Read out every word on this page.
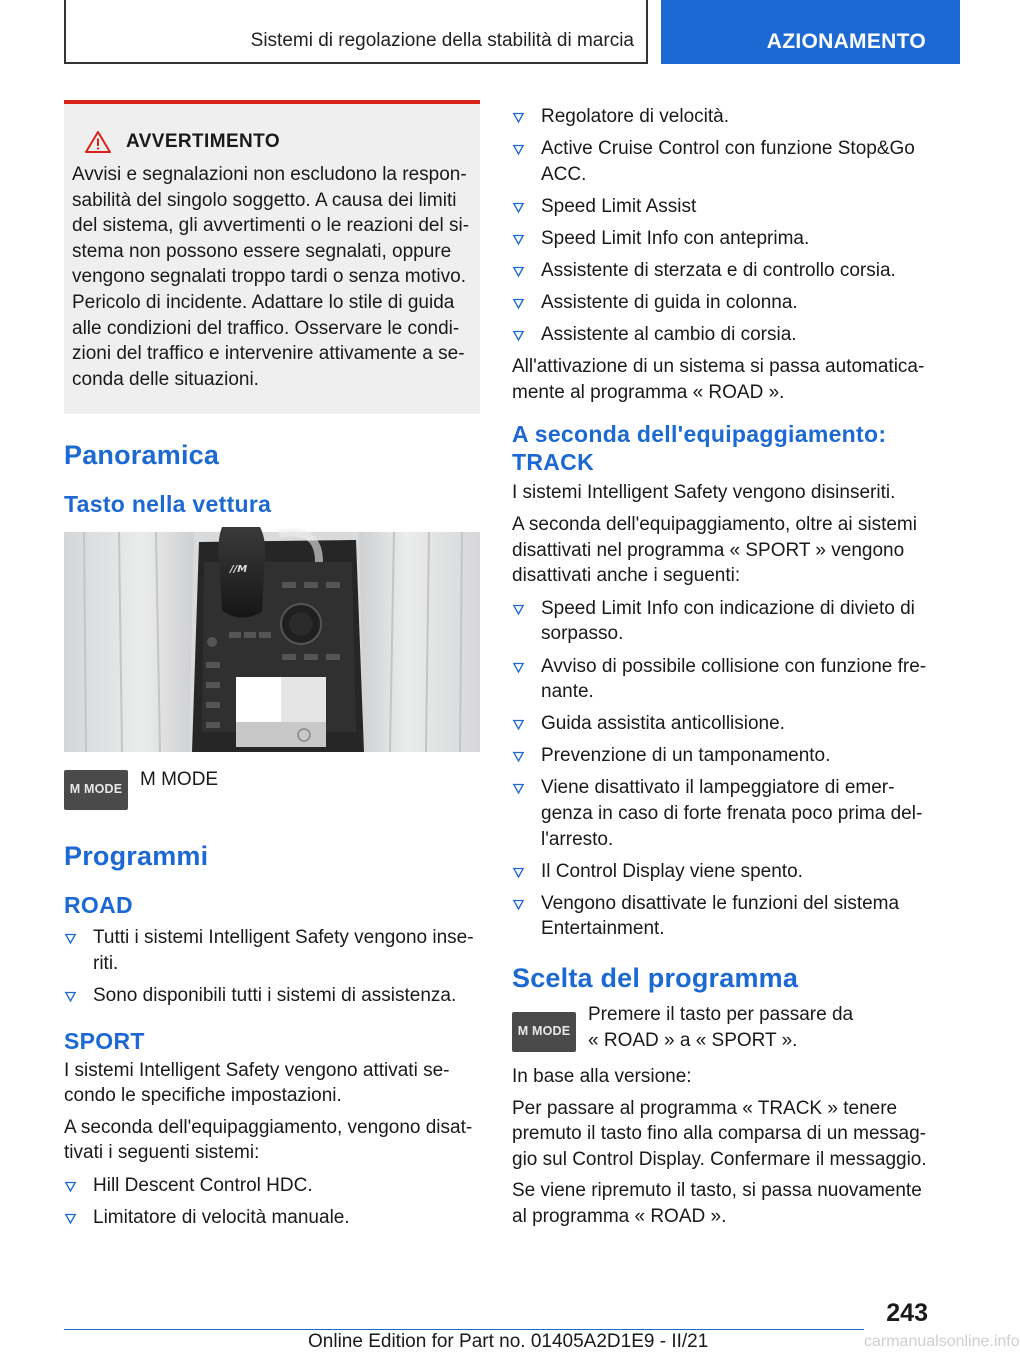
Sistemi di regolazione della stabilità di marcia	AZIONAMENTO
AVVERTIMENTO
Avvisi e segnalazioni non escludono la respon-
sabilità del singolo soggetto. A causa dei limiti
del sistema, gli avvertimenti o le reazioni del si-
stema non possono essere segnalati, oppure
vengono segnalati troppo tardi o senza motivo.
Pericolo di incidente. Adattare lo stile di guida
alle condizioni del traffico. Osservare le condi-
zioni del traffico e intervenire attivamente a se-
conda delle situazioni.
Panoramica
Tasto nella vettura
//M
M MODE M MODE

Programmi
ROAD
Tutti i sistemi Intelligent Safety vengono inse-
riti.
Sono disponibili tutti i sistemi di assistenza.
SPORT

I sistemi Intelligent Safety vengono attivati se-
condo le specifiche impostazioni.

A seconda dell'equipaggiamento, vengono disat-
tivati i seguenti sistemi:

Hill Descent Control HDC.
Limitatore di velocità manuale.
Regolatore di velocità.
Active Cruise Control con funzione Stop&Go
ACC.
Speed Limit Assist
Speed Limit Info con anteprima.
Assistente di sterzata e di controllo corsia.
Assistente di guida in colonna.
Assistente al cambio di corsia.

All'attivazione di un sistema si passa automatica-
mente al programma « ROAD ».

A seconda dell'equipaggiamento:
TRACK

I sistemi Intelligent Safety vengono disinseriti.

A seconda dell'equipaggiamento, oltre ai sistemi
disattivati nel programma « SPORT » vengono
disattivati anche i seguenti:

Speed Limit Info con indicazione di divieto di
sorpasso.
Avviso di possibile collisione con funzione fre-
nante.
Guida assistita anticollisione.
Prevenzione di un tamponamento.
Viene disattivato il lampeggiatore di emer-
genza in caso di forte frenata poco prima del-
l'arresto.
Il Control Display viene spento.
Vengono disattivate le funzioni del sistema
Entertainment.
Scelta del programma
M MODE

Premere il tasto per passare da
« ROAD » a « SPORT ».

In base alla versione:

Per passare al programma « TRACK » tenere
premuto il tasto fino alla comparsa di un messag-
gio sul Control Display. Confermare il messaggio.

Se viene ripremuto il tasto, si passa nuovamente
al programma « ROAD ».

243
Online Edition for Part no. 01405A2D1E9 - II/21	carmanualsonline.info
